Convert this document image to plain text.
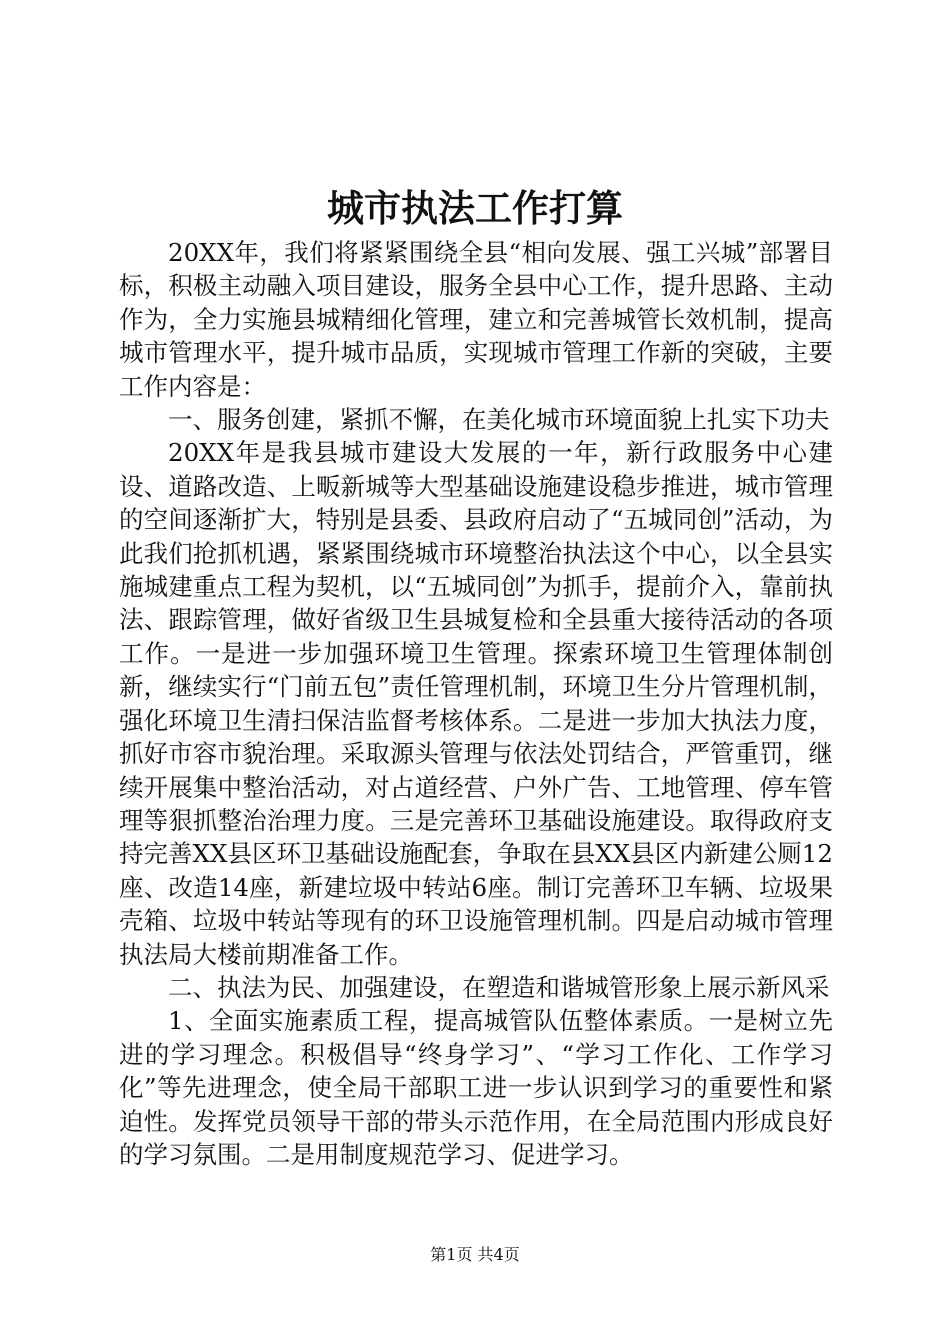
城市执法工作打算

20XX年，我们将紧紧围绕全县“相向发展、强工兴城”部署目标，积极主动融入项目建设，服务全县中心工作，提升思路、主动作为，全力实施县城精细化管理，建立和完善城管长效机制，提高城市管理水平，提升城市品质，实现城市管理工作新的突破，主要工作内容是：

一、服务创建，紧抓不懈，在美化城市环境面貌上扎实下功夫

20XX年是我县城市建设大发展的一年，新行政服务中心建设、道路改造、上畈新城等大型基础设施建设稳步推进，城市管理的空间逐渐扩大，特别是县委、县政府启动了“五城同创”活动，为此我们抢抓机遇，紧紧围绕城市环境整治执法这个中心，以全县实施城建重点工程为契机，以“五城同创”为抓手，提前介入，靠前执法、跟踪管理，做好省级卫生县城复检和全县重大接待活动的各项工作。一是进一步加强环境卫生管理。探索环境卫生管理体制创新，继续实行“门前五包”责任管理机制，环境卫生分片管理机制，强化环境卫生清扫保洁监督考核体系。二是进一步加大执法力度，抓好市容市貌治理。采取源头管理与依法处罚结合，严管重罚，继续开展集中整治活动，对占道经营、户外广告、工地管理、停车管理等狠抓整治治理力度。三是完善环卫基础设施建设。取得政府支持完善XX县区环卫基础设施配套，争取在县XX县区内新建公厕12座、改造14座，新建垃圾中转站6座。制订完善环卫车辆、垃圾果壳箱、垃圾中转站等现有的环卫设施管理机制。四是启动城市管理执法局大楼前期准备工作。

二、执法为民、加强建设，在塑造和谐城管形象上展示新风采

1、全面实施素质工程，提高城管队伍整体素质。一是树立先进的学习理念。积极倡导“终身学习”、“学习工作化、工作学习化”等先进理念，使全局干部职工进一步认识到学习的重要性和紧迫性。发挥党员领导干部的带头示范作用，在全局范围内形成良好的学习氛围。二是用制度规范学习、促进学习。

第1页 共4页
